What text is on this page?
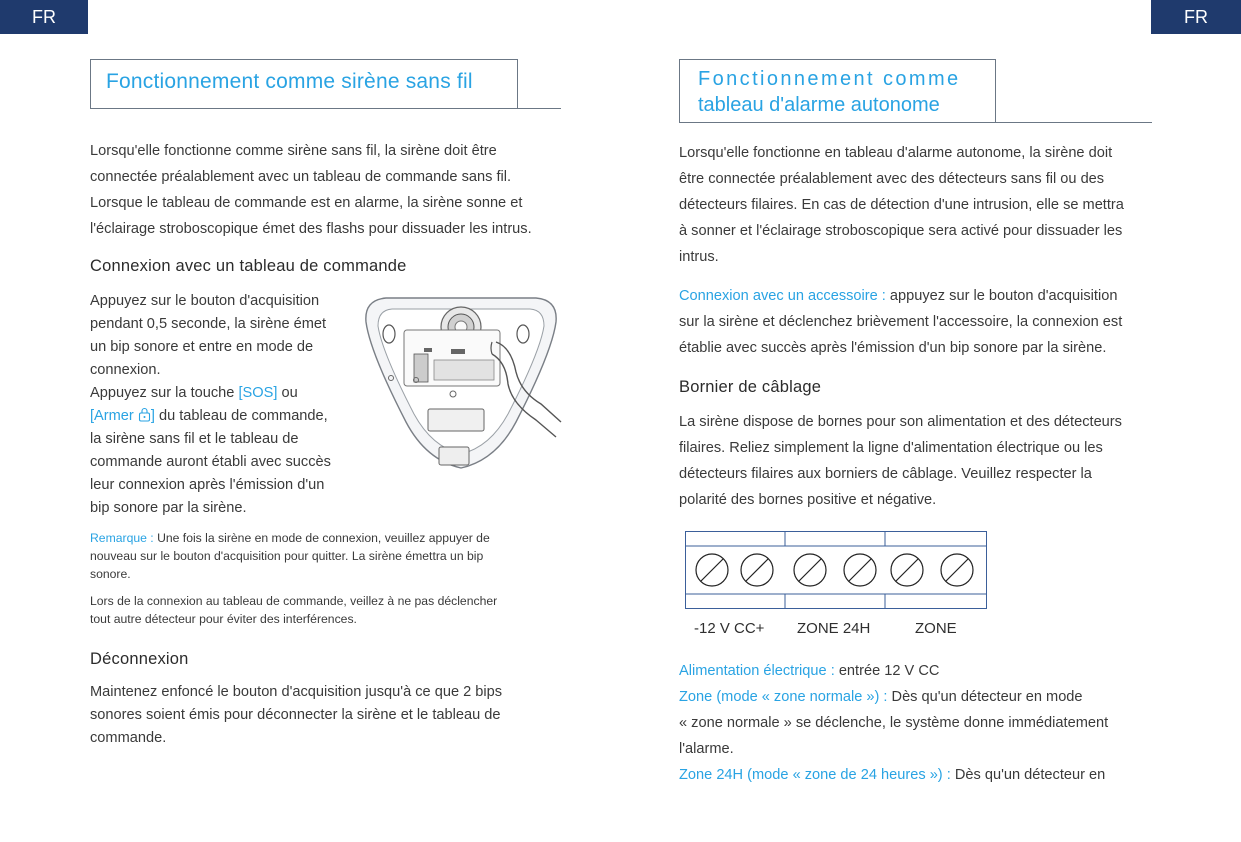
FR	FR
Fonctionnement comme sirène sans fil

Lorsqu'elle fonctionne comme sirène sans fil, la sirène doit être

connectée préalablement avec un tableau de commande sans fil.

Lorsque le tableau de commande est en alarme, la sirène sonne et

l'éclairage stroboscopique émet des flashs pour dissuader les intrus.

Connexion avec un tableau de commande

Appuyez sur le bouton d'acquisition

pendant 0,5 seconde, la sirène émet

un bip sonore et entre en mode de

connexion.

Appuyez sur la touche [SOS] ou

[Armer ] du tableau de commande,

la sirène sans fil et le tableau de

commande auront établi avec succès

leur connexion après l'émission d'un

bip sonore par la sirène.

Remarque : Une fois la sirène en mode de connexion, veuillez appuyer de

nouveau sur le bouton d'acquisition pour quitter. La sirène émettra un bip

sonore.

Lors de la connexion au tableau de commande, veillez à ne pas déclencher

tout autre détecteur pour éviter des interférences.

Déconnexion

Maintenez enfoncé le bouton d'acquisition jusqu'à ce que 2 bips

sonores soient émis pour déconnecter la sirène et le tableau de

commande.

Fonctionnement comme
tableau d'alarme autonome

Lorsqu'elle fonctionne en tableau d'alarme autonome, la sirène doit

être connectée préalablement avec des détecteurs sans fil ou des

détecteurs filaires. En cas de détection d'une intrusion, elle se mettra

à sonner et l'éclairage stroboscopique sera activé pour dissuader les

intrus.

Connexion avec un accessoire : appuyez sur le bouton d'acquisition

sur la sirène et déclenchez brièvement l'accessoire, la connexion est

établie avec succès après l'émission d'un bip sonore par la sirène.

Bornier de câblage

La sirène dispose de bornes pour son alimentation et des détecteurs

filaires. Reliez simplement la ligne d'alimentation électrique ou les

détecteurs filaires aux borniers de câblage. Veuillez respecter la

polarité des bornes positive et négative.

-12 V CC+ ZONE 24H	ZONE

Alimentation électrique : entrée 12 V CC

Zone (mode « zone normale ») : Dès qu'un détecteur en mode

« zone normale » se déclenche, le système donne immédiatement

l'alarme.

Zone 24H (mode « zone de 24 heures ») : Dès qu'un détecteur en
